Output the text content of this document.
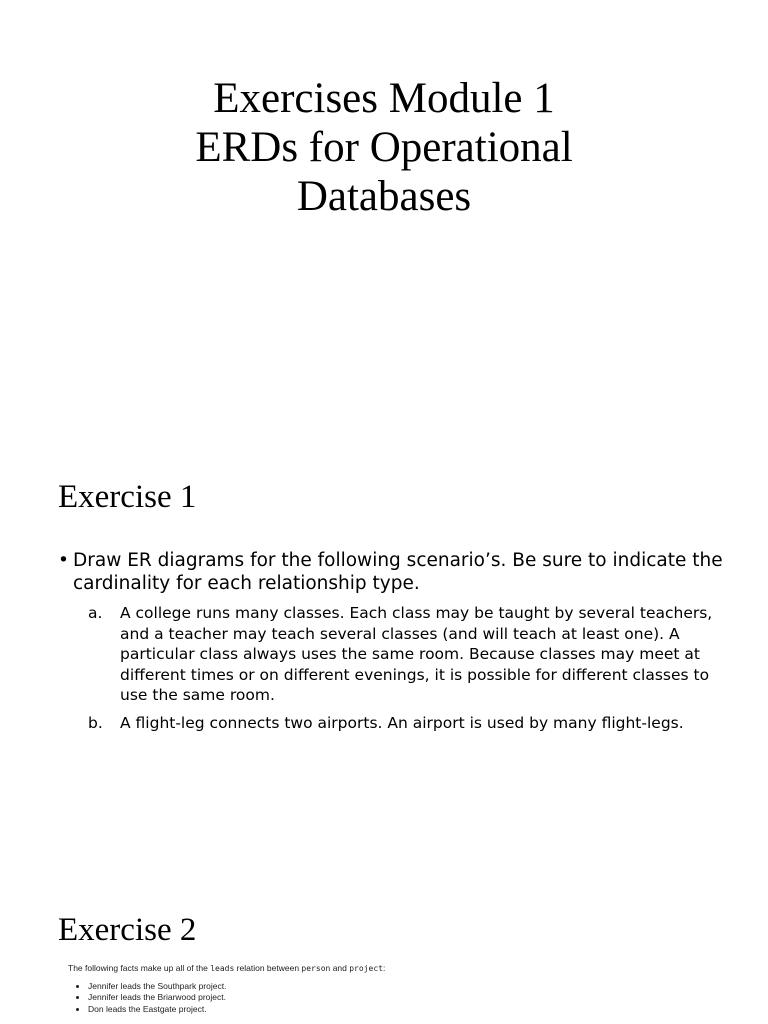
Exercises Module 1
ERDs for Operational
Databases
Exercise 1
• Draw ER diagrams for the following scenario’s. Be sure to indicate the cardinality for each relationship type.
a. A college runs many classes. Each class may be taught by several teachers, and a teacher may teach several classes (and will teach at least one). A particular class always uses the same room. Because classes may meet at different times or on different evenings, it is possible for different classes to use the same room.
b. A flight-leg connects two airports. An airport is used by many flight-legs.
Exercise 2
The following facts make up all of the leads relation between person and project:
• Jennifer leads the Southpark project.
• Jennifer leads the Briarwood project.
• Don leads the Eastgate project.
